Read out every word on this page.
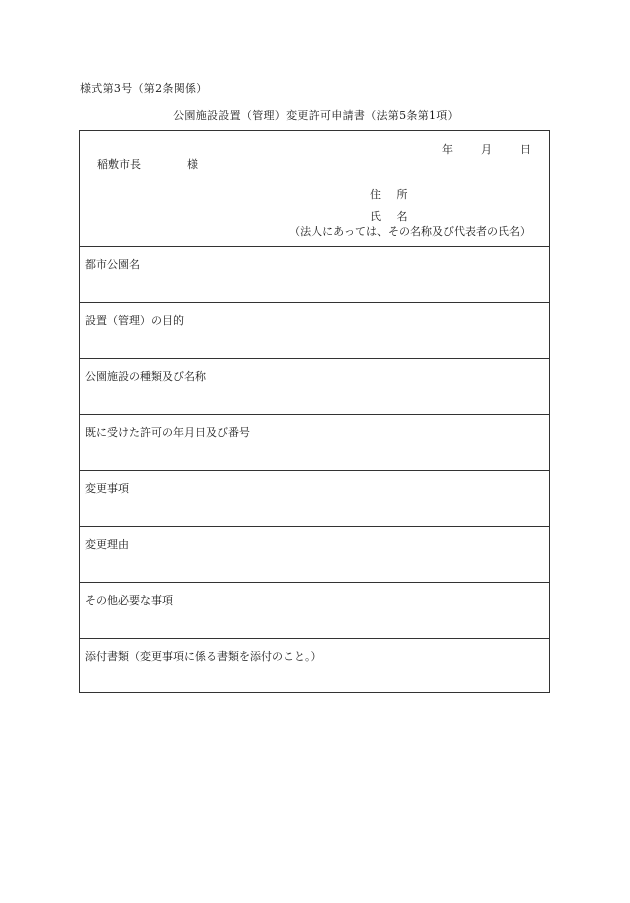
様式第3号（第2条関係）
公園施設設置（管理）変更許可申請書（法第5条第1項）
年	月	日
稲敷市長	様
住 所
氏 名
（法人にあっては、その名称及び代表者の氏名）
都市公園名
設置（管理）の目的
公園施設の種類及び名称
既に受けた許可の年月日及び番号
変更事項
変更理由
その他必要な事項
添付書類（変更事項に係る書類を添付のこと。）
